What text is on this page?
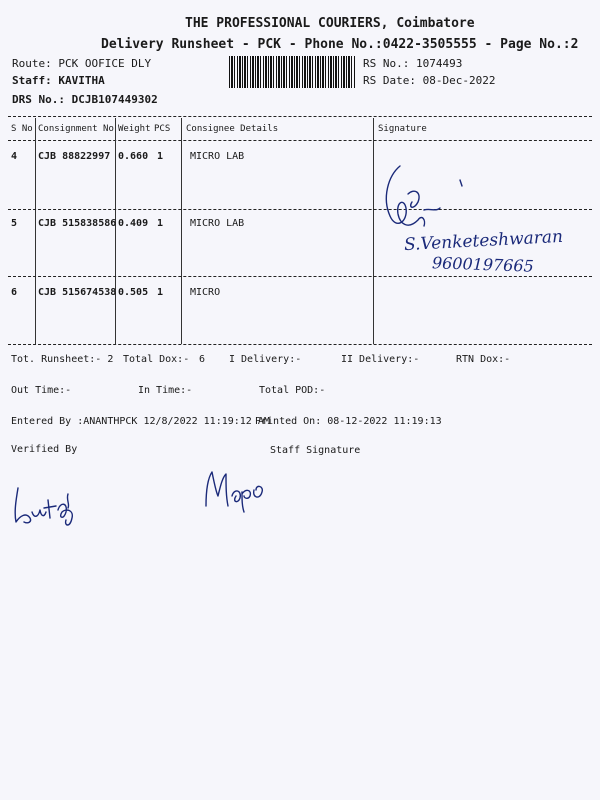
THE PROFESSIONAL COURIERS, Coimbatore
Delivery Runsheet - PCK - Phone No.:0422-3505555 - Page No.:2
Route: PCK OOFICE DLY
Staff: KAVITHA
DRS No.: DCJB107449302
RS No.: 1074493
RS Date: 08-Dec-2022
S No Consignment No Weight PCS Consignee Details	Signature
4 CJB 88822997 0.660 1	MICRO LAB
5 CJB 515838586 0.409 1	MICRO LAB
6 CJB 515674538 0.505 1	MICRO
S.Venketeshwaran
9600197665
Tot. Runsheet:- 2 Total Dox:- 6 I Delivery:-	II Delivery:-	RTN Dox:-
Out Time:-	In Time:-	Total POD:-
Entered By :ANANTHPCK 12/8/2022 11:19:12 AM
Printed On: 08-12-2022 11:19:13
Verified By	Staff Signature
